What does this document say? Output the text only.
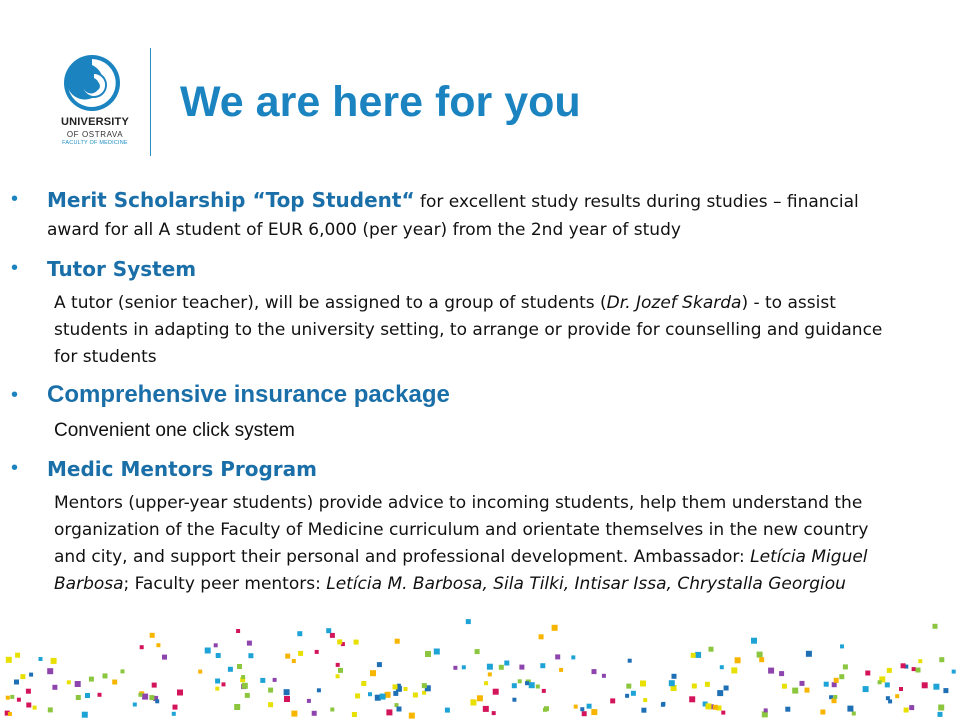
UNIVERSITY
OF OSTRAVA
FACULTY OF MEDICINE
We are here for you
• Merit Scholarship “Top Student“ for excellent study results during studies – financial
award for all A student of EUR 6,000 (per year) from the 2nd year of study
• Tutor System
A tutor (senior teacher), will be assigned to a group of students (Dr. Jozef Skarda) - to assist
students in adapting to the university setting, to arrange or provide for counselling and guidance
for students
• Comprehensive insurance package
Convenient one click system
• Medic Mentors Program
Mentors (upper-year students) provide advice to incoming students, help them understand the
organization of the Faculty of Medicine curriculum and orientate themselves in the new country
and city, and support their personal and professional development. Ambassador: Letícia Miguel
Barbosa; Faculty peer mentors: Letícia M. Barbosa, Sila Tilki, Intisar Issa, Chrystalla Georgiou
